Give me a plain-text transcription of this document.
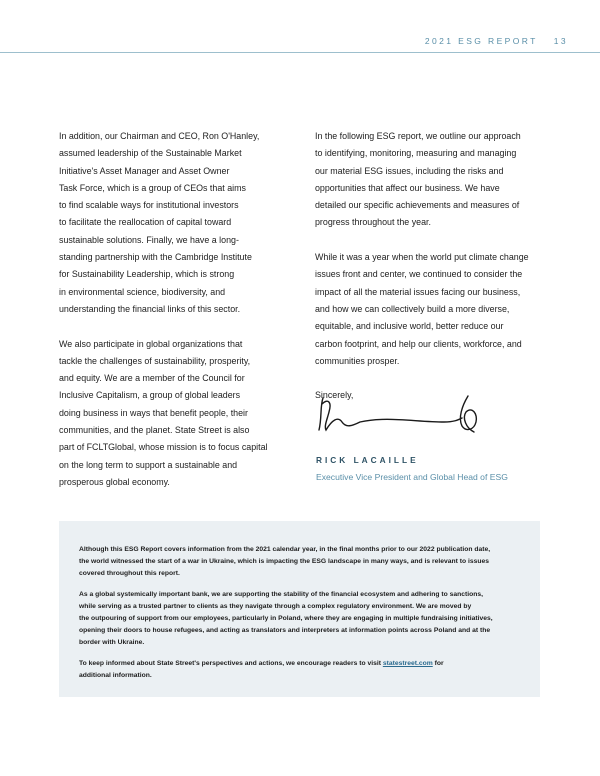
2021 ESG REPORT 13

In addition, our Chairman and CEO, Ron O'Hanley,
assumed leadership of the Sustainable Market
Initiative's Asset Manager and Asset Owner
Task Force, which is a group of CEOs that aims
to find scalable ways for institutional investors
to facilitate the reallocation of capital toward
sustainable solutions. Finally, we have a long-
standing partnership with the Cambridge Institute
for Sustainability Leadership, which is strong
in environmental science, biodiversity, and
understanding the financial links of this sector.

We also participate in global organizations that
tackle the challenges of sustainability, prosperity,
and equity. We are a member of the Council for
Inclusive Capitalism, a group of global leaders
doing business in ways that benefit people, their
communities, and the planet. State Street is also
part of FCLTGlobal, whose mission is to focus capital
on the long term to support a sustainable and
prosperous global economy.

In the following ESG report, we outline our approach
to identifying, monitoring, measuring and managing
our material ESG issues, including the risks and
opportunities that affect our business. We have
detailed our specific achievements and measures of
progress throughout the year.

While it was a year when the world put climate change
issues front and center, we continued to consider the
impact of all the material issues facing our business,
and how we can collectively build a more diverse,
equitable, and inclusive world, better reduce our
carbon footprint, and help our clients, workforce, and
communities prosper.

Sincerely,

RICK LACAILLE
Executive Vice President and Global Head of ESG

Although this ESG Report covers information from the 2021 calendar year, in the final months prior to our 2022 publication date,
the world witnessed the start of a war in Ukraine, which is impacting the ESG landscape in many ways, and is relevant to issues
covered throughout this report.

As a global systemically important bank, we are supporting the stability of the financial ecosystem and adhering to sanctions,
while serving as a trusted partner to clients as they navigate through a complex regulatory environment. We are moved by
the outpouring of support from our employees, particularly in Poland, where they are engaging in multiple fundraising initiatives,
opening their doors to house refugees, and acting as translators and interpreters at information points across Poland and at the
border with Ukraine.

To keep informed about State Street's perspectives and actions, we encourage readers to visit statestreet.com for
additional information.
